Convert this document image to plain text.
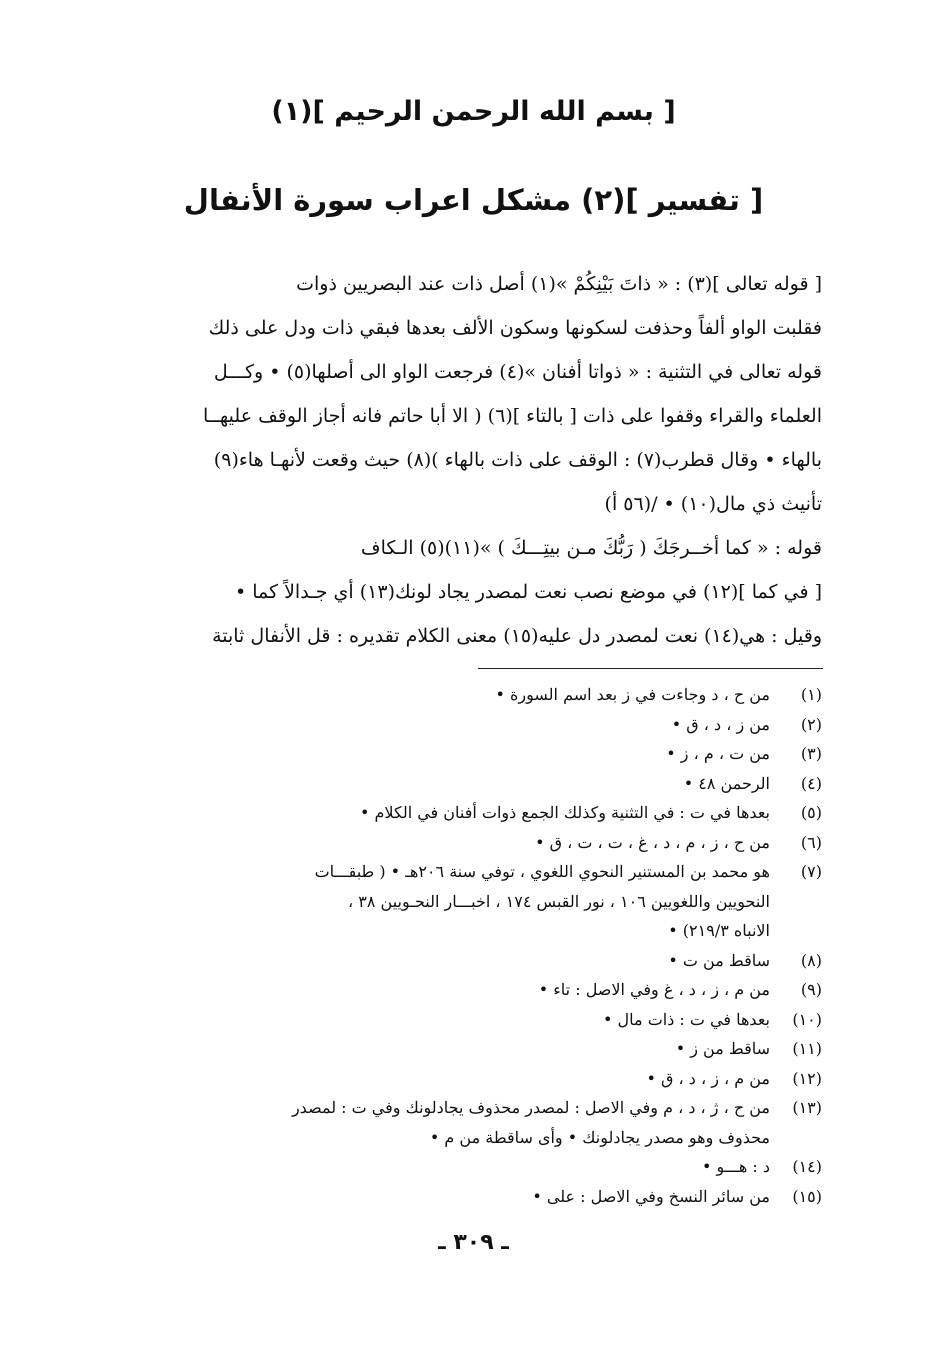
[ بسم الله الرحمن الرحيم ](١)
[ تفسير ](٢) مشكل اعراب سورة الأنفال
[ قوله تعالى ](٣) : « ذاتَ بَيْنِكُمْ »(١) أصل ذات عند البصريين ذوات
فقلبت الواو ألفاً وحذفت لسكونها وسكون الألف بعدها فبقي ذات ودل على ذلك
قوله تعالى في التثنية : « ذواتا أفنان »(٤) فرجعت الواو الى أصلها(٥) • وكـــل
العلماء والقراء وقفوا على ذات [ بالتاء ](٦) ( الا أبا حاتم فانه أجاز الوقف عليهــا
بالهاء • وقال قطرب(٧) : الوقف على ذات بالهاء )(٨) حيث وقعت لأنهـا هاء(٩)
تأنيث ذي مال(١٠) • /(٥٦ أ)
قوله : « كما أخــرجَكَ ( رَبُّكَ مـن بيتِـــكَ ) »(١١)(٥) الـكاف
[ في كما ](١٢) في موضع نصب نعت لمصدر يجاد لونك(١٣) أي جـدالاً كما •
وقيل : هي(١٤) نعت لمصدر دل عليه(١٥) معنى الكلام تقديره : قل الأنفال ثابتة
(١)
من ح ، د وجاءت في ز بعد اسم السورة •
(٢)
من ز ، د ، ق •
(٣)
من ت ، م ، ز •
(٤)
الرحمن ٤٨ •
(٥)
بعدها في ت : في التثنية وكذلك الجمع ذوات أفنان في الكلام •
(٦)
من ح ، ز ، م ، د ، غ ، ت ، ت ، ق •
(٧)
هو محمد بن المستنير النحوي اللغوي ، توفي سنة ٢٠٦هـ • ( طبقـــات
النحويين واللغويين ١٠٦ ، نور القبس ١٧٤ ، اخبـــار النحـويين ٣٨ ،
الانباه ٢١٩/٣) •
(٨)
ساقط من ت •
(٩)
من م ، ز ، د ، غ وفي الاصل : تاء •
(١٠)
بعدها في ت : ذات مال •
(١١)
ساقط من ز •
(١٢)
من م ، ز ، د ، ق •
(١٣)
من ح ، ژ ، د ، م وفي الاصل : لمصدر محذوف يجادلونك وفي ت : لمصدر
محذوف وهو مصدر يجادلونك • وأى ساقطة من م •
(١٤)
د : هـــو •
(١٥)
من سائر النسخ وفي الاصل : على •
ـ ٣٠٩ ـ
